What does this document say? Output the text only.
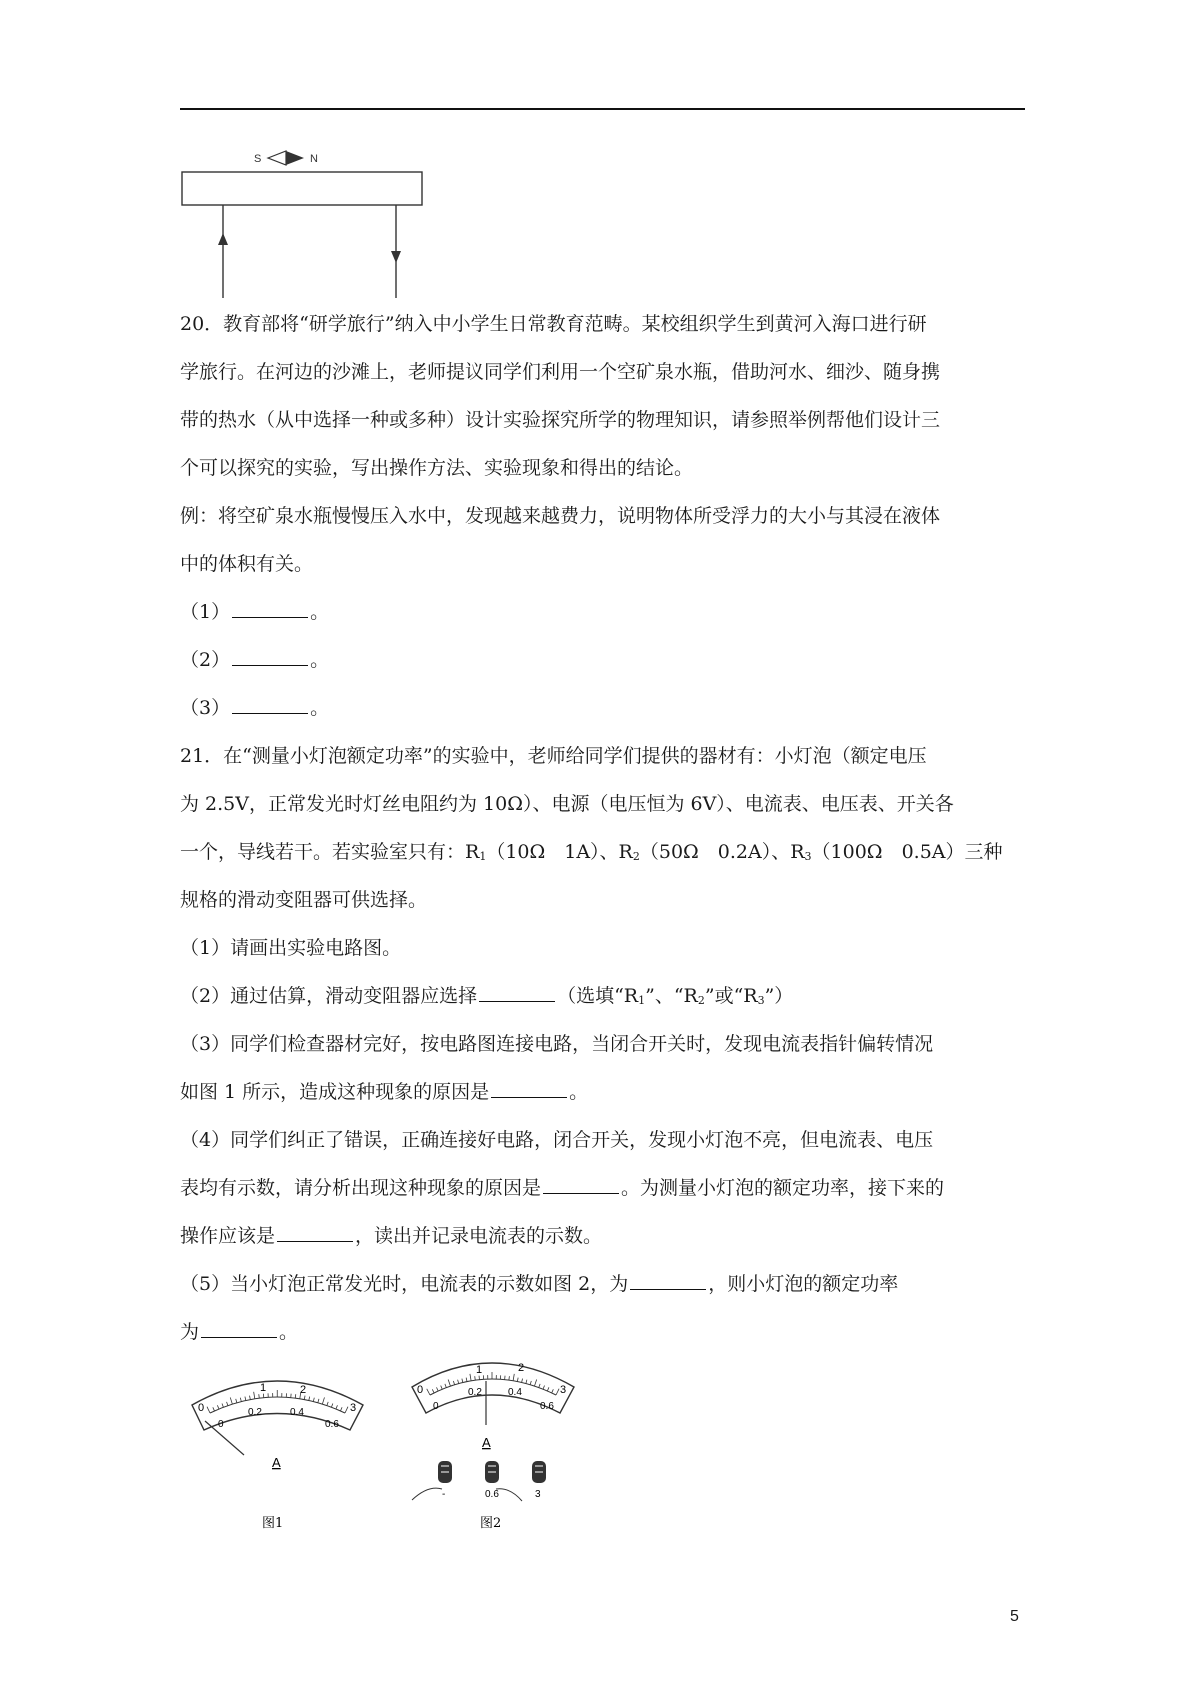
S	N
20．教育部将“研学旅行”纳入中小学生日常教育范畴。某校组织学生到黄河入海口进行研
学旅行。在河边的沙滩上，老师提议同学们利用一个空矿泉水瓶，借助河水、细沙、随身携
带的热水（从中选择一种或多种）设计实验探究所学的物理知识，请参照举例帮他们设计三
个可以探究的实验，写出操作方法、实验现象和得出的结论。
例：将空矿泉水瓶慢慢压入水中，发现越来越费力，说明物体所受浮力的大小与其浸在液体
中的体积有关。
（1）	。
（2）	。
（3）	。
21．在“测量小灯泡额定功率”的实验中，老师给同学们提供的器材有：小灯泡（额定电压
为 2.5V，正常发光时灯丝电阻约为 10Ω）、电源（电压恒为 6V）、电流表、电压表、开关各
一个，导线若干。若实验室只有：R1（10Ω　1A）、R2（50Ω　0.2A）、R3（100Ω　0.5A）三种
规格的滑动变阻器可供选择。
（1）请画出实验电路图。
（2）通过估算，滑动变阻器应选择	（选填“R1”、“R2”或“R3”）
（3）同学们检查器材完好，按电路图连接电路，当闭合开关时，发现电流表指针偏转情况
如图 1 所示，造成这种现象的原因是	。
（4）同学们纠正了错误，正确连接好电路，闭合开关，发现小灯泡不亮，但电流表、电压
表均有示数，请分析出现这种现象的原因是	。为测量小灯泡的额定功率，接下来的
操作应该是	，读出并记录电流表的示数。
（5）当小灯泡正常发光时，电流表的示数如图 2，为	，则小灯泡的额定功率
为	。
1	2
0	3
0
0.2	0.4
0.6
A
图1
1	2
0	3
0
0.2	0.4
0.6
A
-	0.6	3
图2
5
